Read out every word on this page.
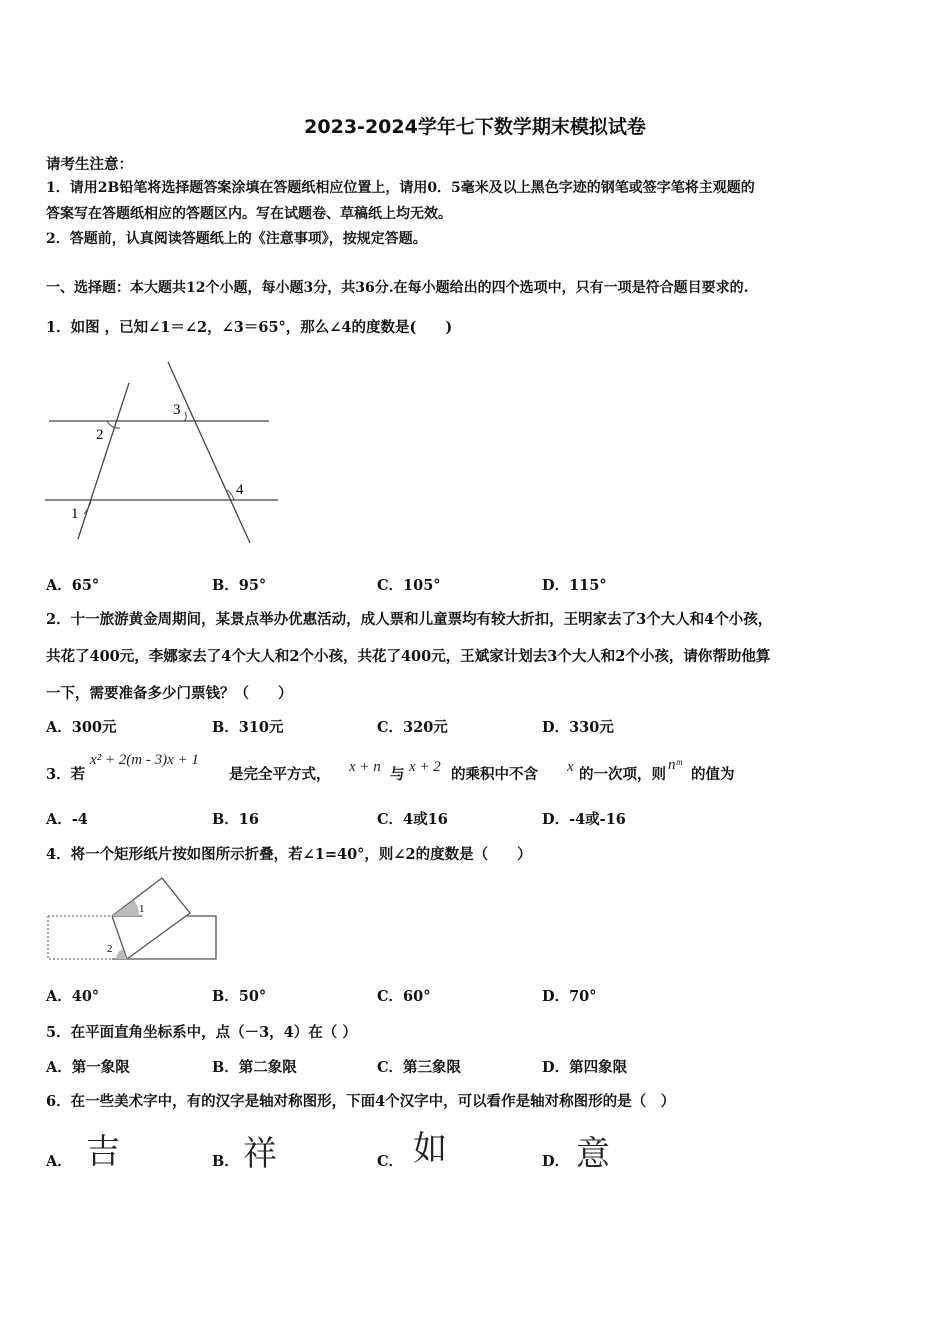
2023-2024学年七下数学期末模拟试卷
请考生注意：
1．请用2B铅笔将选择题答案涂填在答题纸相应位置上，请用0．5毫米及以上黑色字迹的钢笔或签字笔将主观题的
答案写在答题纸相应的答题区内。写在试题卷、草稿纸上均无效。
2．答题前，认真阅读答题纸上的《注意事项》，按规定答题。
一、选择题：本大题共12个小题，每小题3分，共36分.在每小题给出的四个选项中，只有一项是符合题目要求的.
1．如图 ，已知∠1＝∠2，∠3＝65°，那么∠4的度数是(　　)
1
2
3
4
A．65°	B．95°	C．105°	D．115°
2．十一旅游黄金周期间，某景点举办优惠活动，成人票和儿童票均有较大折扣，王明家去了3个大人和4个小孩，
共花了400元，李娜家去了4个大人和2个小孩，共花了400元，王斌家计划去3个大人和2个小孩，请你帮助他算
一下，需要准备多少门票钱？（　　）
A．300元	B．310元	C．320元	D．330元
3．若
x² + 2(m - 3)x + 1
是完全平方式， x + n 与 x + 2 的乘积中不含 x 的一次项，则
nᵐ
的值为
A．-4	B．16	C．4或16	D．-4或-16
4．将一个矩形纸片按如图所示折叠，若∠1=40°，则∠2的度数是（　　）
1
2
A．40°	B．50°	C．60°	D．70°
5．在平面直角坐标系中，点（－3，4）在（ ）
A．第一象限	B．第二象限	C．第三象限	D．第四象限
6．在一些美术字中，有的汉字是轴对称图形，下面4个汉字中，可以看作是轴对称图形的是（　）
A． 吉	B． 祥	C． 如	D． 意
